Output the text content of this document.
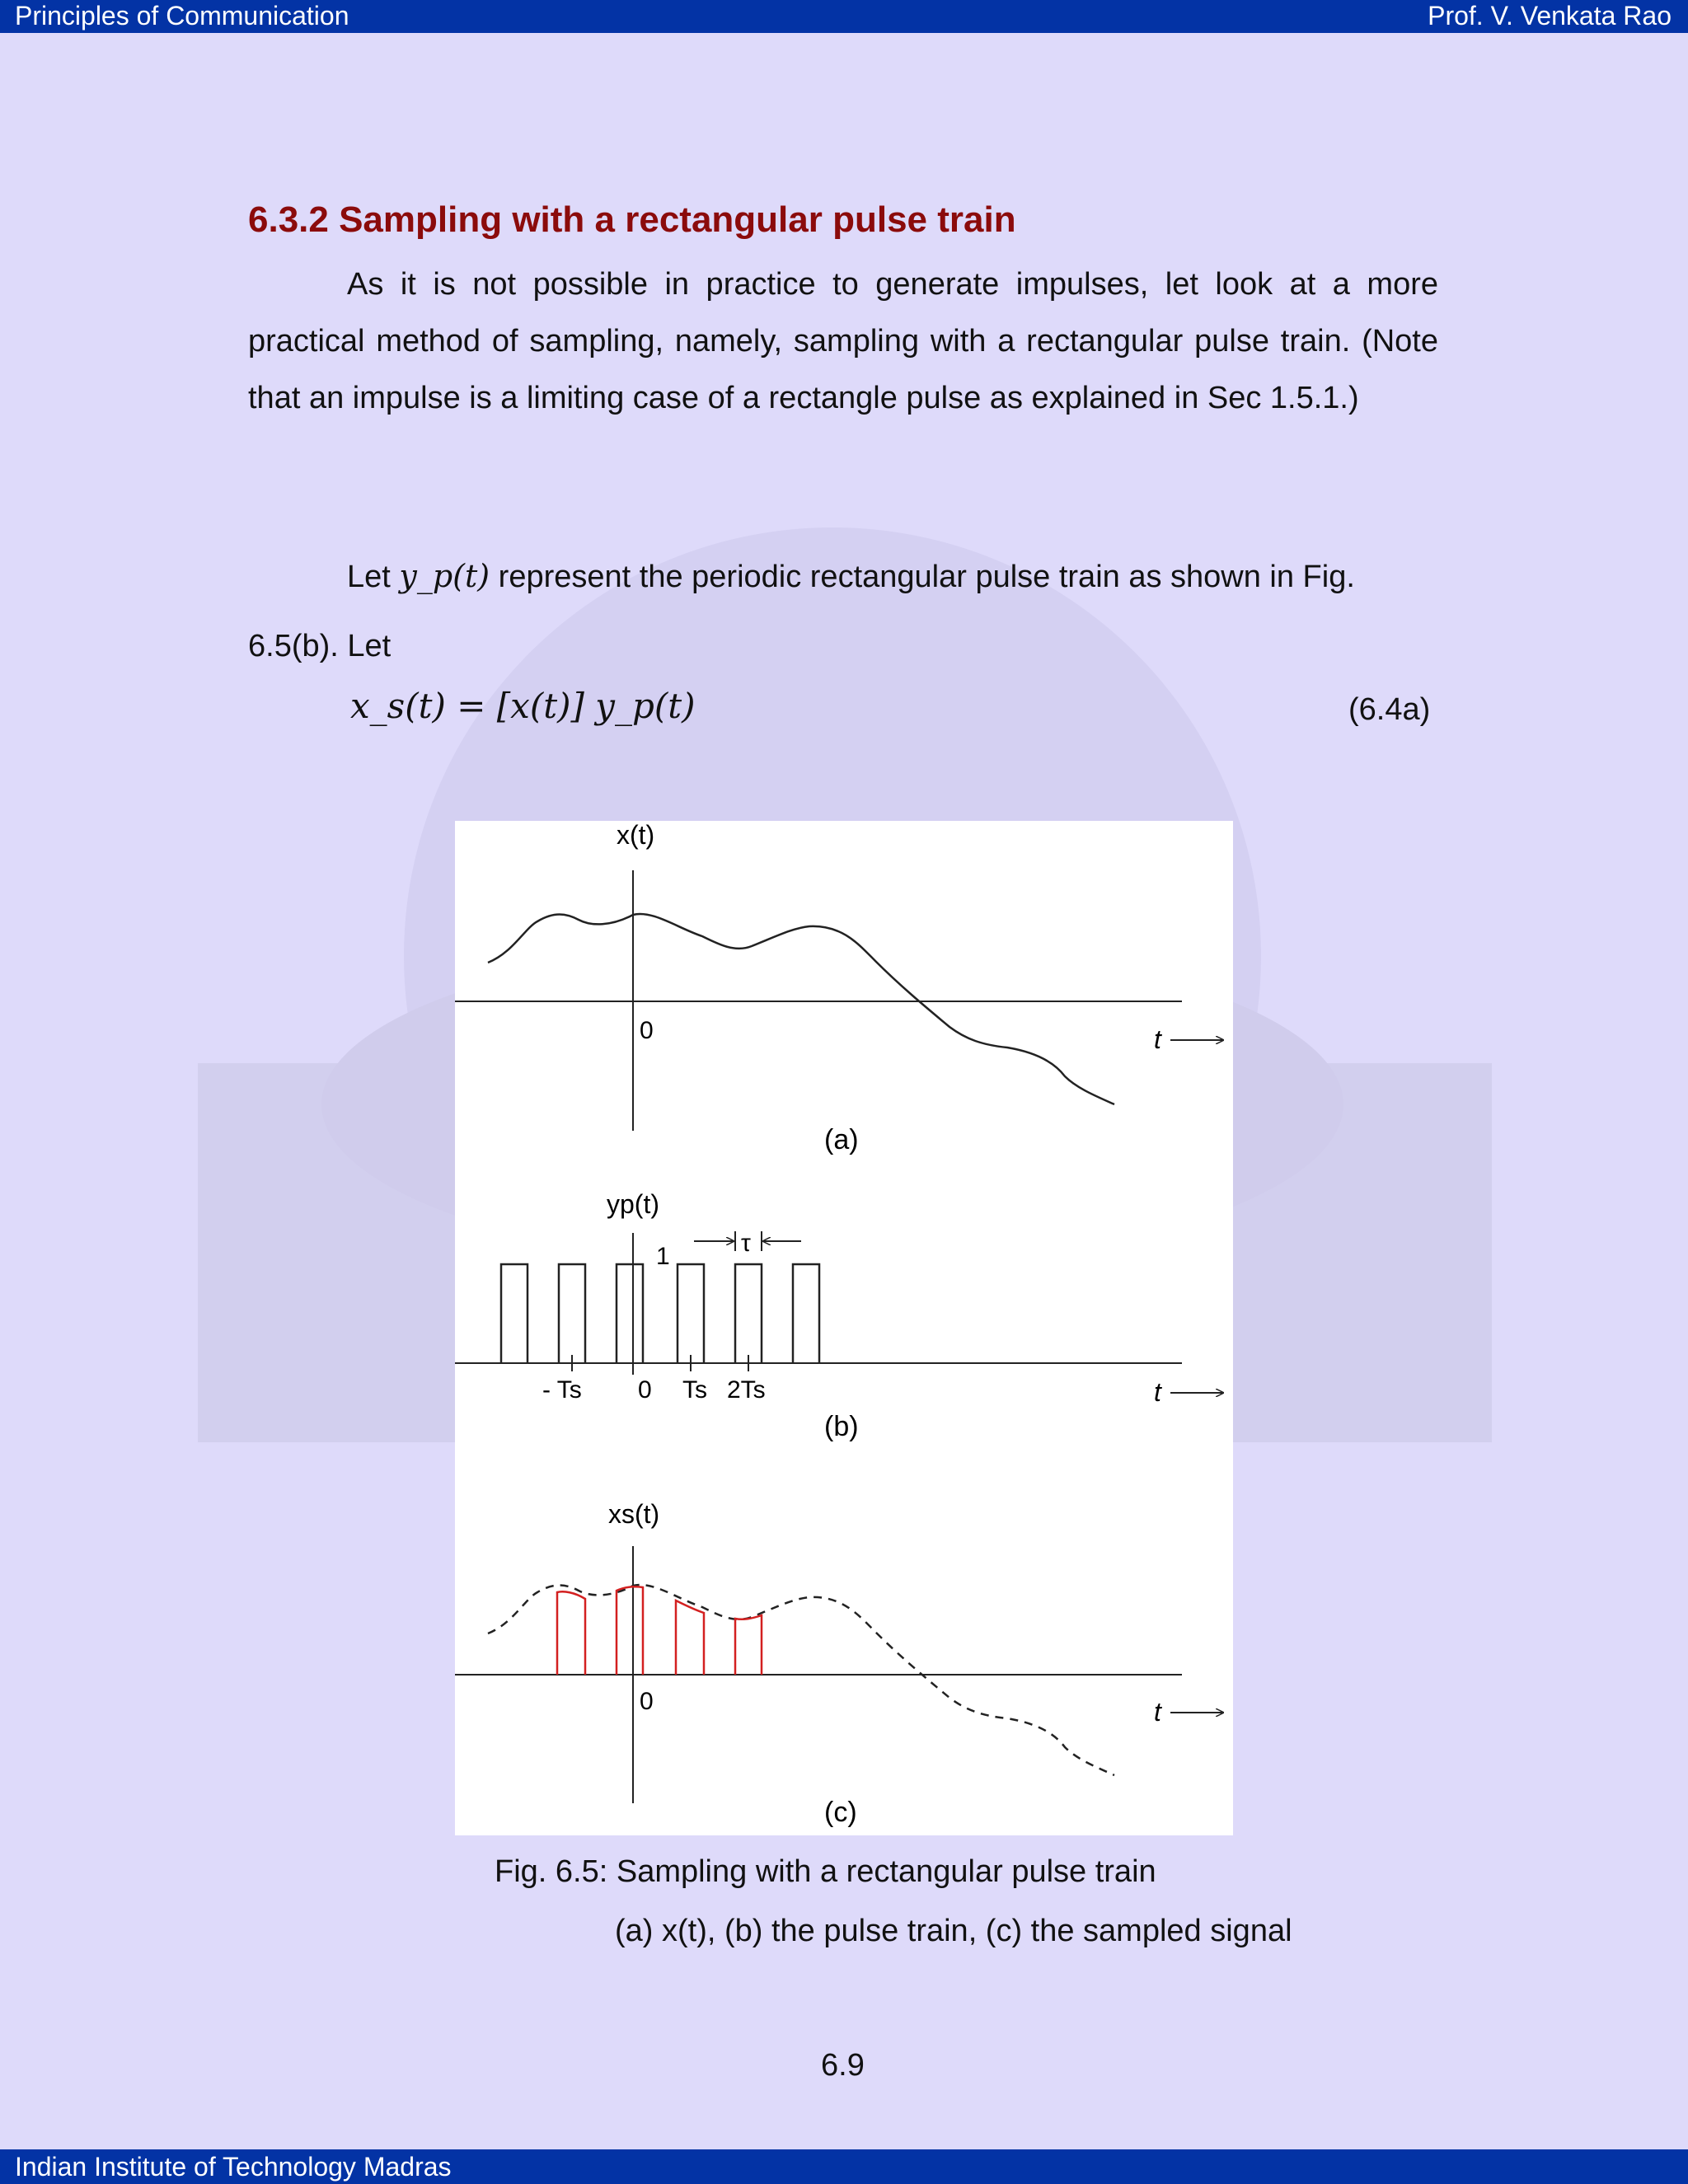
Principles of Communication	Prof. V. Venkata Rao
6.3.2 Sampling with a rectangular pulse train

As it is not possible in practice to generate impulses, let look at a more practical method of sampling, namely, sampling with a rectangular pulse train. (Note that an impulse is a limiting case of a rectangle pulse as explained in Sec 1.5.1.)

Let y_p(t) represent the periodic rectangular pulse train as shown in Fig.

6.5(b). Let

x_s(t) = [x(t)] y_p(t)	(6.4a)
x(t)
0	t
(a)
yp(t)
1	τ
- Ts 0 Ts 2Ts	t
(b)
xs(t)
0	t
(c)
Fig. 6.5: Sampling with a rectangular pulse train
(a) x(t), (b) the pulse train, (c) the sampled signal
6.9
Indian Institute of Technology Madras
